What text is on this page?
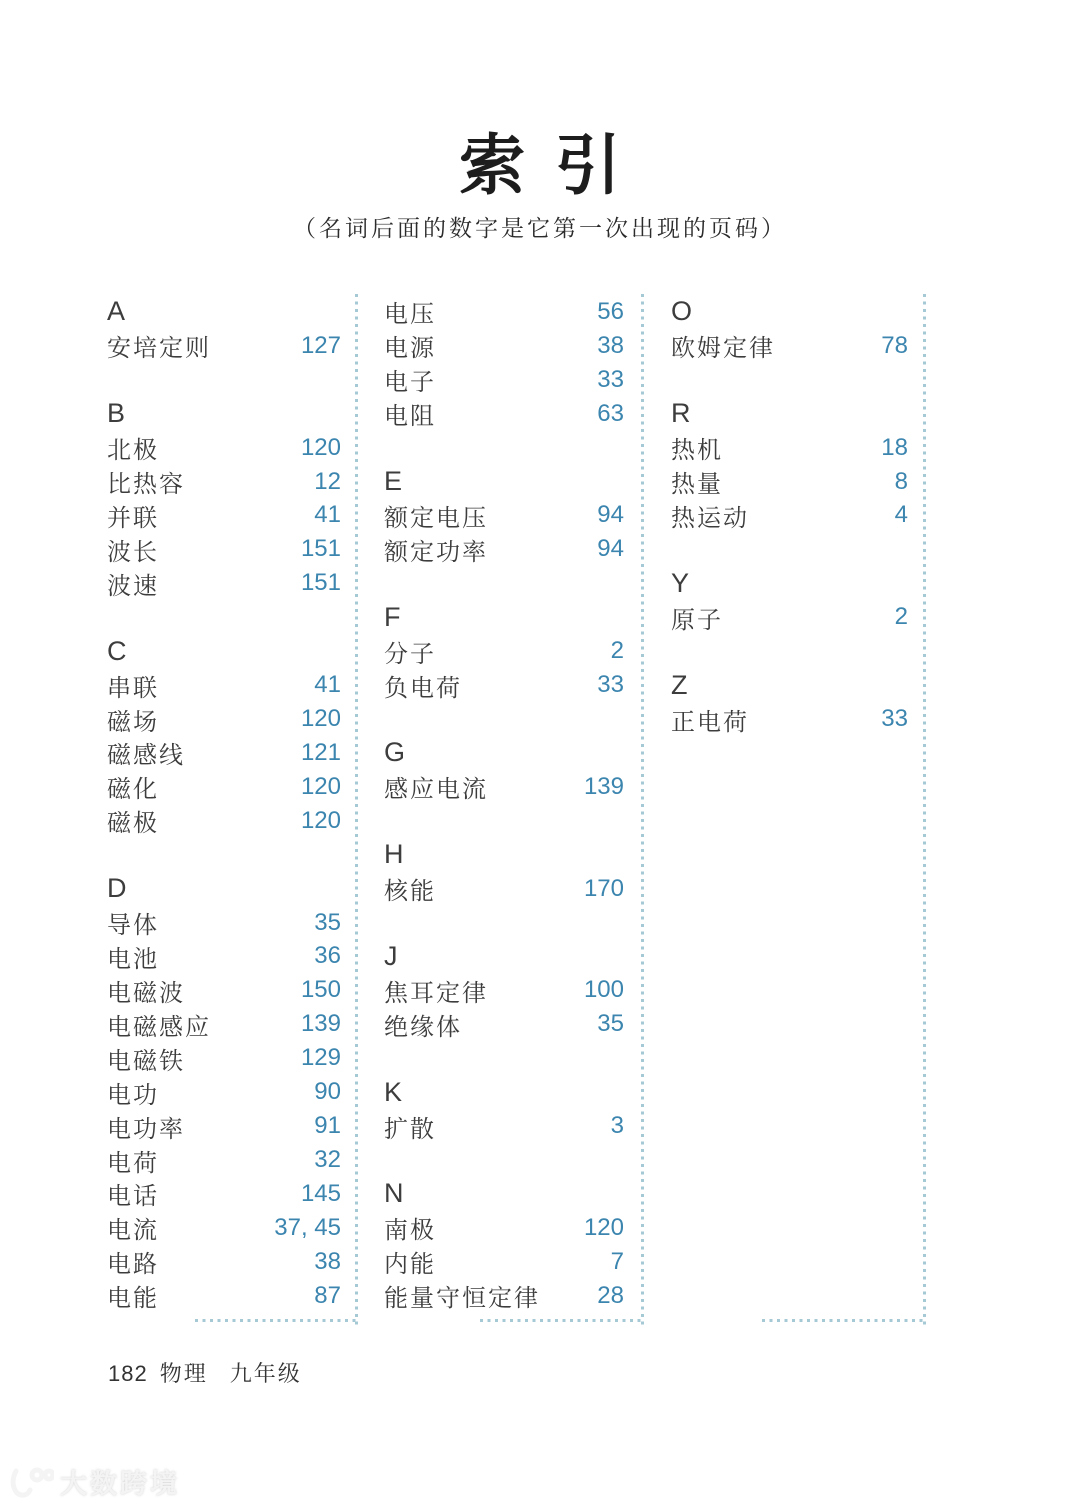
索引
（名词后面的数字是它第一次出现的页码）
A
安培定则	127
B
北极	120
比热容	12
并联	41
波长	151
波速	151
C
串联	41
磁场	120
磁感线	121
磁化	120
磁极	120
D
导体	35
电池	36
电磁波	150
电磁感应	139
电磁铁	129
电功	90
电功率	91
电荷	32
电话	145
电流	37, 45
电路	38
电能	87
电压	56
电源	38
电子	33
电阻	63
E
额定电压	94
额定功率	94
F
分子	2
负电荷	33
G
感应电流	139
H
核能	170
J
焦耳定律	100
绝缘体	35
K
扩散	3
N
南极	120
内能	7
能量守恒定律 28
O
欧姆定律	78
R
热机	18
热量	8
热运动	4
Y
原子	2
Z
正电荷	33
182 物理 九年级
大数跨境
